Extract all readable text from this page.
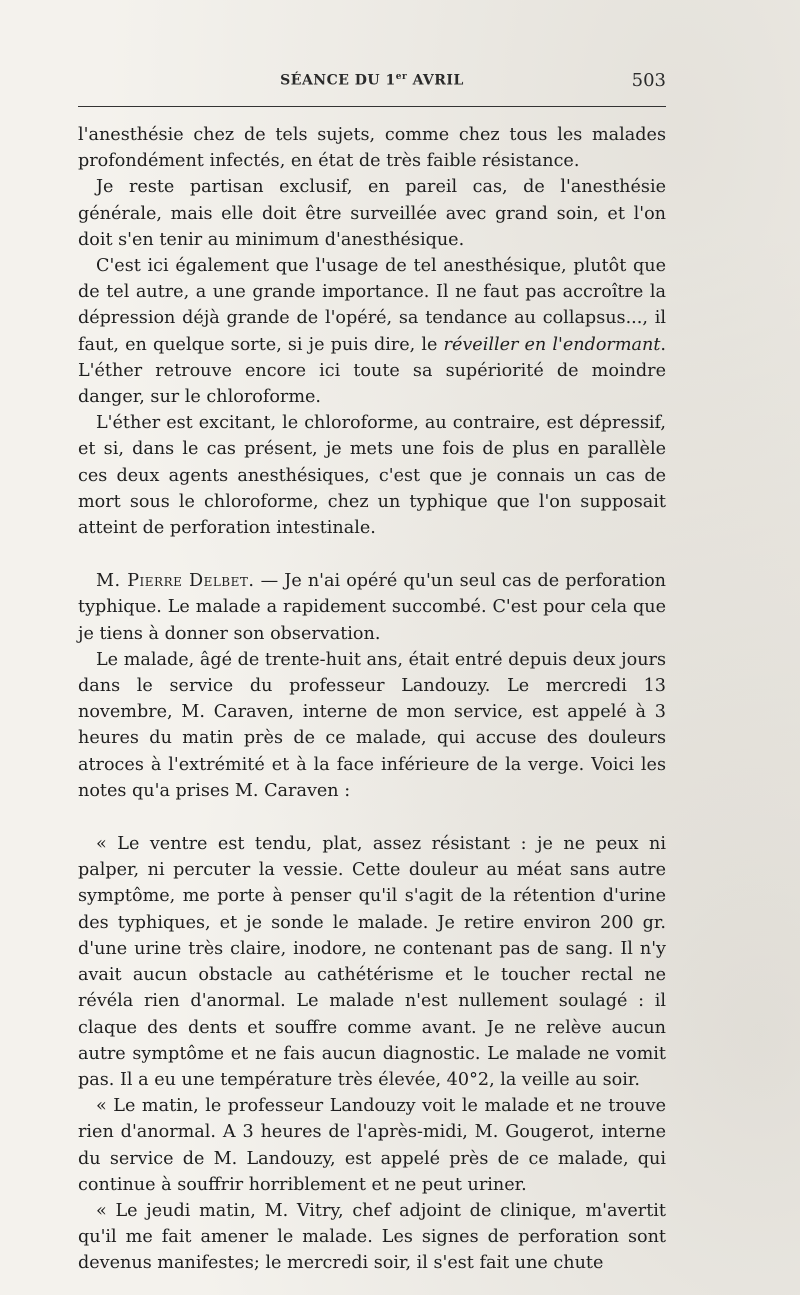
SÉANCE DU 1er AVRIL	503

l'anesthésie chez de tels sujets, comme chez tous les malades profondément infectés, en état de très faible résistance.

Je reste partisan exclusif, en pareil cas, de l'anesthésie générale, mais elle doit être surveillée avec grand soin, et l'on doit s'en tenir au minimum d'anesthésique.

C'est ici également que l'usage de tel anesthésique, plutôt que de tel autre, a une grande importance. Il ne faut pas accroître la dépression déjà grande de l'opéré, sa tendance au collapsus..., il faut, en quelque sorte, si je puis dire, le réveiller en l'endormant. L'éther retrouve encore ici toute sa supériorité de moindre danger, sur le chloroforme.

L'éther est excitant, le chloroforme, au contraire, est dépressif, et si, dans le cas présent, je mets une fois de plus en parallèle ces deux agents anesthésiques, c'est que je connais un cas de mort sous le chloroforme, chez un typhique que l'on supposait atteint de perforation intestinale.

M. Pierre Delbet. — Je n'ai opéré qu'un seul cas de perforation typhique. Le malade a rapidement succombé. C'est pour cela que je tiens à donner son observation.

Le malade, âgé de trente-huit ans, était entré depuis deux jours dans le service du professeur Landouzy. Le mercredi 13 novembre, M. Caraven, interne de mon service, est appelé à 3 heures du matin près de ce malade, qui accuse des douleurs atroces à l'extrémité et à la face inférieure de la verge. Voici les notes qu'a prises M. Caraven :

« Le ventre est tendu, plat, assez résistant : je ne peux ni palper, ni percuter la vessie. Cette douleur au méat sans autre symptôme, me porte à penser qu'il s'agit de la rétention d'urine des typhiques, et je sonde le malade. Je retire environ 200 gr. d'une urine très claire, inodore, ne contenant pas de sang. Il n'y avait aucun obstacle au cathétérisme et le toucher rectal ne révéla rien d'anormal. Le malade n'est nullement soulagé : il claque des dents et souffre comme avant. Je ne relève aucun autre symptôme et ne fais aucun diagnostic. Le malade ne vomit pas. Il a eu une température très élevée, 40°2, la veille au soir.

« Le matin, le professeur Landouzy voit le malade et ne trouve rien d'anormal. A 3 heures de l'après-midi, M. Gougerot, interne du service de M. Landouzy, est appelé près de ce malade, qui continue à souffrir horriblement et ne peut uriner.

« Le jeudi matin, M. Vitry, chef adjoint de clinique, m'avertit qu'il me fait amener le malade. Les signes de perforation sont devenus manifestes; le mercredi soir, il s'est fait une chute
